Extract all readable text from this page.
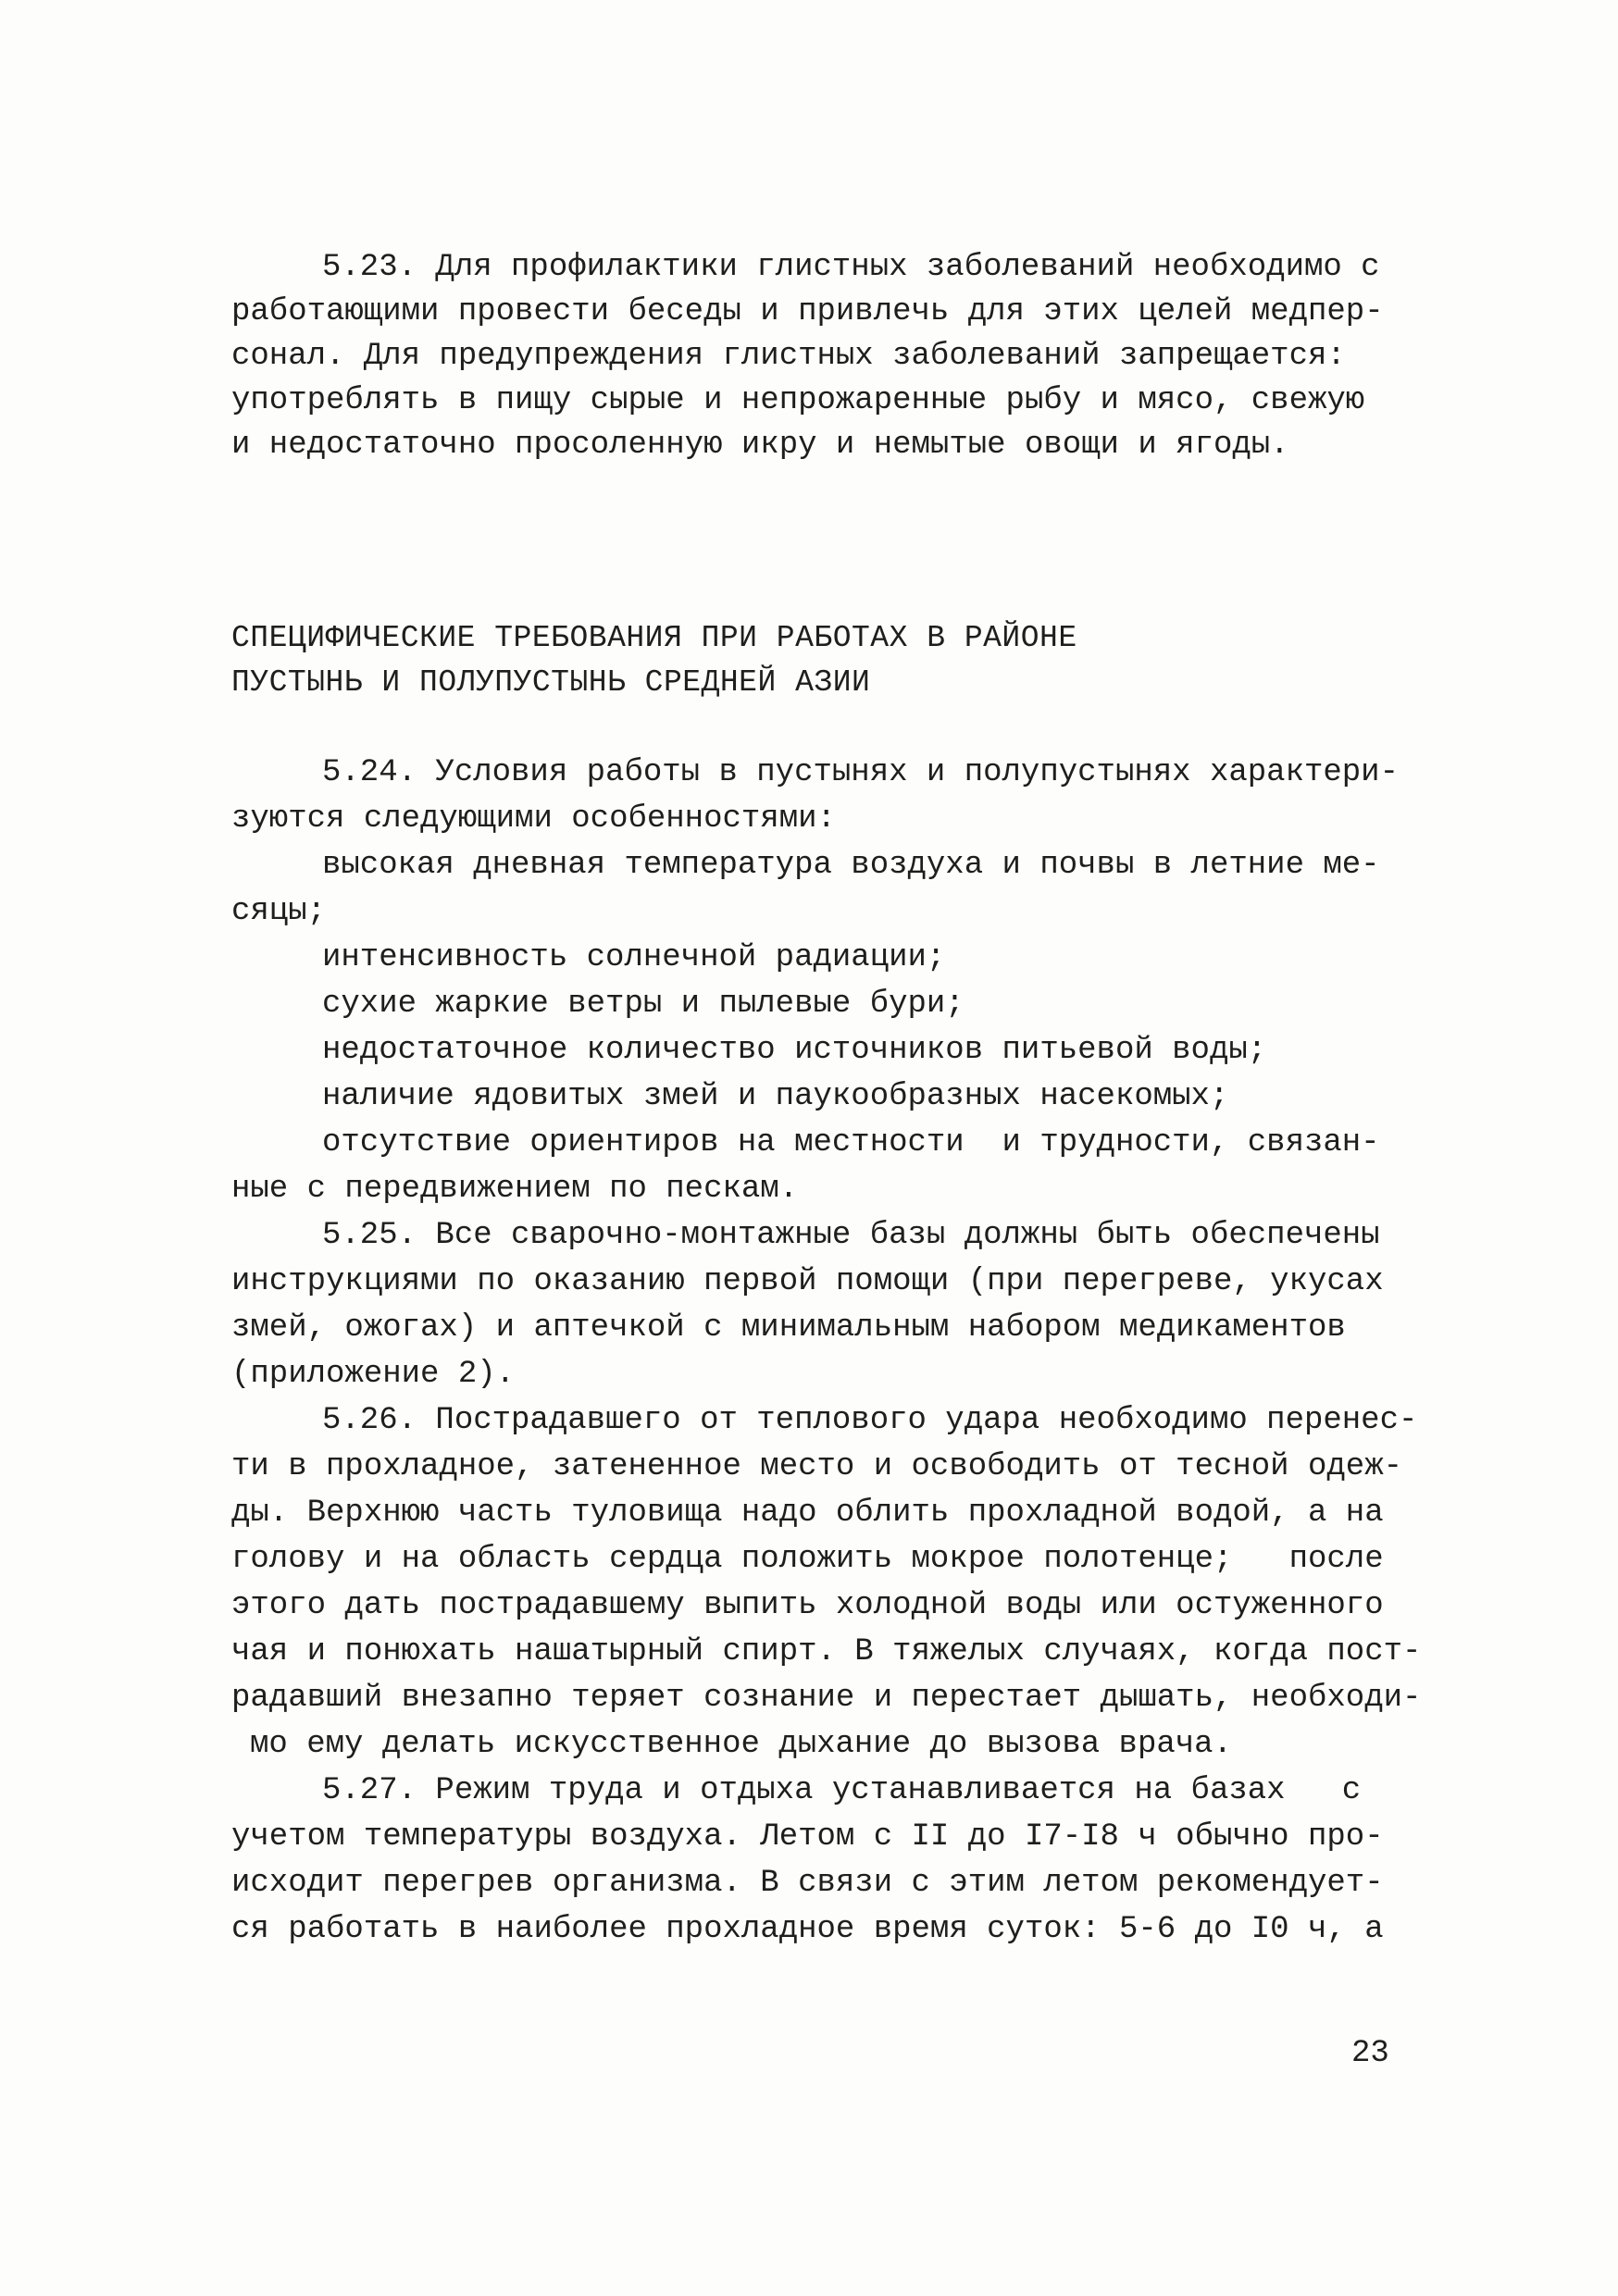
5.23. Для профилактики глистных заболеваний необходимо с
работающими провести беседы и привлечь для этих целей медпер-
сонал. Для предупреждения глистных заболеваний запрещается:
употреблять в пищу сырые и непрожаренные рыбу и мясо, свежую
и недостаточно просоленную икру и немытые овощи и ягоды.
СПЕЦИФИЧЕСКИЕ ТРЕБОВАНИЯ ПРИ РАБОТАХ В РАЙОНЕ
ПУСТЫНЬ И ПОЛУПУСТЫНЬ СРЕДНЕЙ АЗИИ
5.24. Условия работы в пустынях и полупустынях характери-
зуются следующими особенностями:
высокая дневная температура воздуха и почвы в летние ме-
сяцы;
интенсивность солнечной радиации;
сухие жаркие ветры и пылевые бури;
недостаточное количество источников питьевой воды;
наличие ядовитых змей и паукообразных насекомых;
отсутствие ориентиров на местности  и трудности, связан-
ные с передвижением по пескам.
5.25. Все сварочно-монтажные базы должны быть обеспечены
инструкциями по оказанию первой помощи (при перегреве, укусах
змей, ожогах) и аптечкой с минимальным набором медикаментов
(приложение 2).
5.26. Пострадавшего от теплового удара необходимо перенес-
ти в прохладное, затененное место и освободить от тесной одеж-
ды. Верхнюю часть туловища надо облить прохладной водой, а на
голову и на область сердца положить мокрое полотенце;   после
этого дать пострадавшему выпить холодной воды или остуженного
чая и понюхать нашатырный спирт. В тяжелых случаях, когда пост-
радавший внезапно теряет сознание и перестает дышать, необходи-
мо ему делать искусственное дыхание до вызова врача.
5.27. Режим труда и отдыха устанавливается на базах   с
учетом температуры воздуха. Летом с II до I7-I8 ч обычно про-
исходит перегрев организма. В связи с этим летом рекомендует-
ся работать в наиболее прохладное время суток: 5-6 до I0 ч, а
23
